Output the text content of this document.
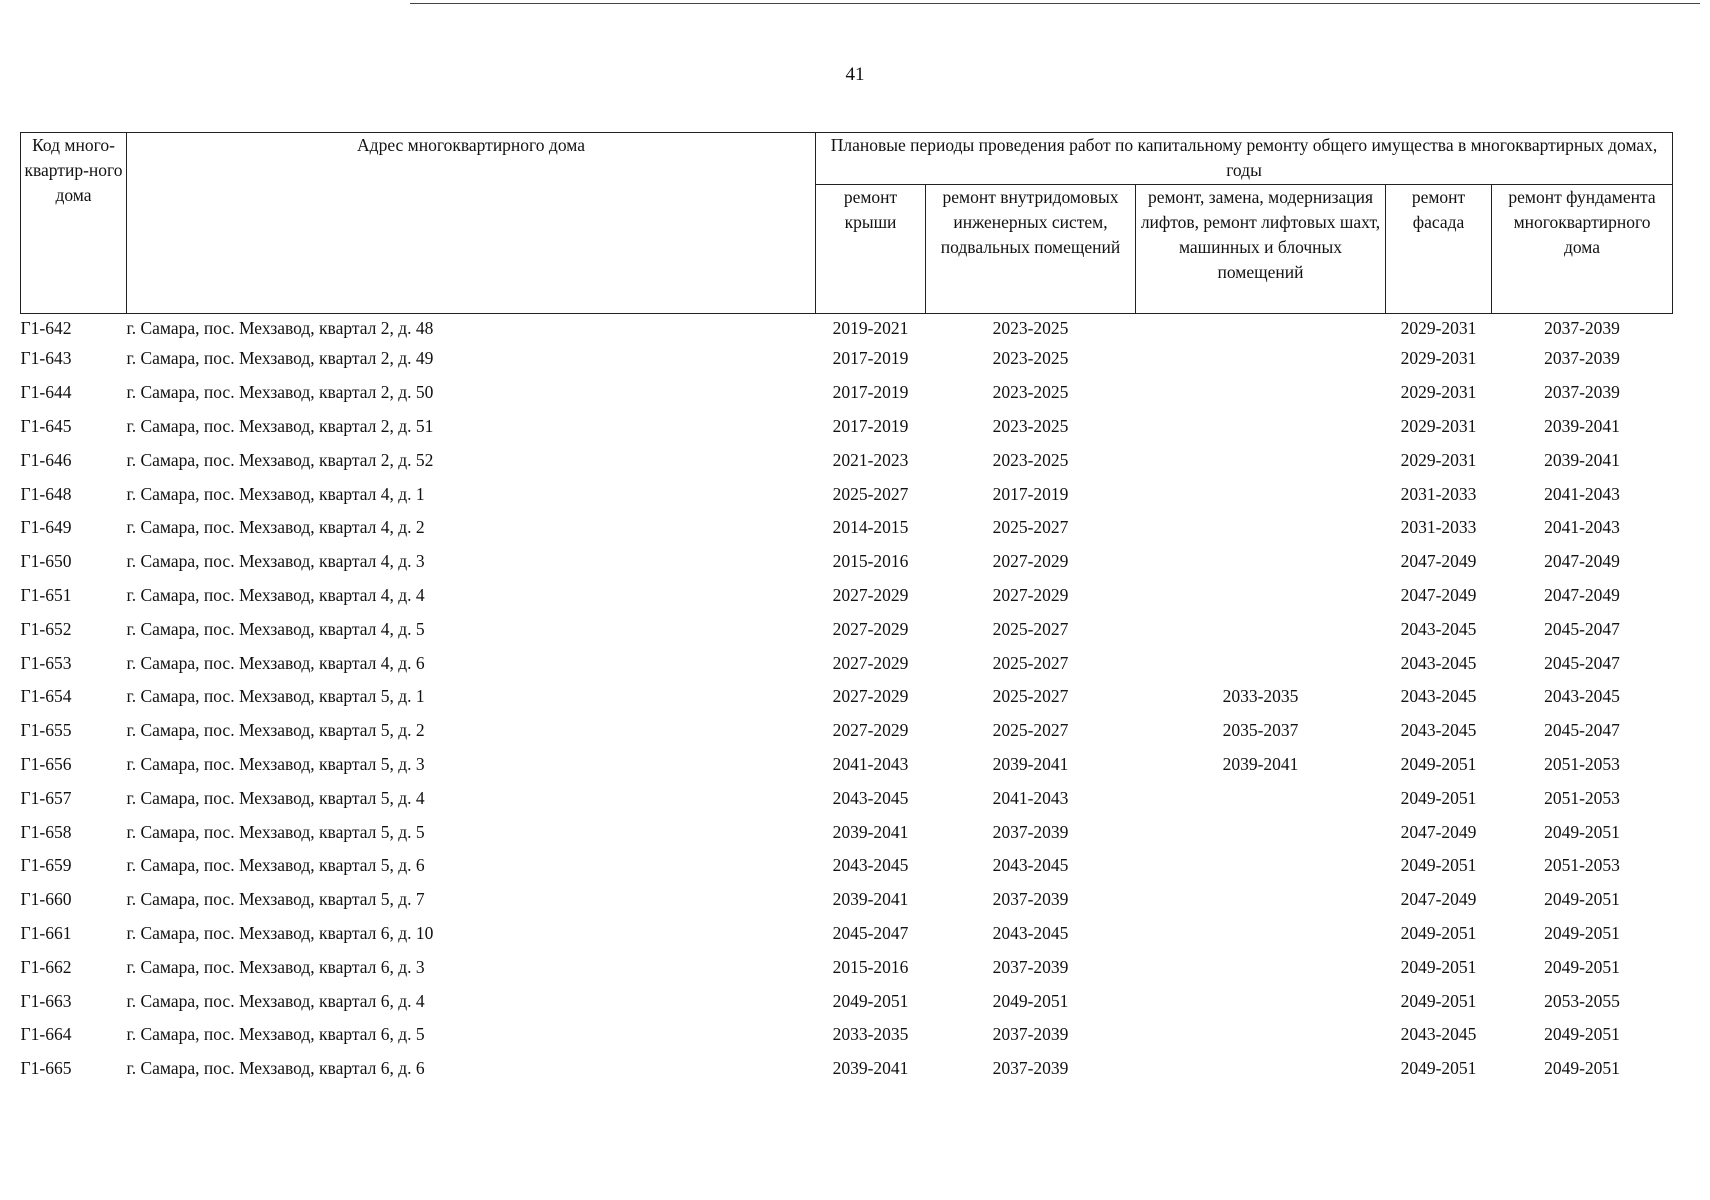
41
Код много-квартир-ного дома	Адрес многоквартирного дома	Плановые периоды проведения работ по капитальному ремонту общего имущества в многоквартирных домах, годы				
		ремонт крыши	ремонт внутридомовых инженерных систем, подвальных помещений	ремонт, замена, модернизация лифтов, ремонт лифтовых шахт, машинных и блочных помещений	ремонт фасада	ремонт фундамента многоквартирного дома
Г1-642	г. Самара, пос. Мехзавод, квартал 2, д. 48	2019-2021	2023-2025		2029-2031	2037-2039
Г1-643	г. Самара, пос. Мехзавод, квартал 2, д. 49	2017-2019	2023-2025		2029-2031	2037-2039
Г1-644	г. Самара, пос. Мехзавод, квартал 2, д. 50	2017-2019	2023-2025		2029-2031	2037-2039
Г1-645	г. Самара, пос. Мехзавод, квартал 2, д. 51	2017-2019	2023-2025		2029-2031	2039-2041
Г1-646	г. Самара, пос. Мехзавод, квартал 2, д. 52	2021-2023	2023-2025		2029-2031	2039-2041
Г1-648	г. Самара, пос. Мехзавод, квартал 4, д. 1	2025-2027	2017-2019		2031-2033	2041-2043
Г1-649	г. Самара, пос. Мехзавод, квартал 4, д. 2	2014-2015	2025-2027		2031-2033	2041-2043
Г1-650	г. Самара, пос. Мехзавод, квартал 4, д. 3	2015-2016	2027-2029		2047-2049	2047-2049
Г1-651	г. Самара, пос. Мехзавод, квартал 4, д. 4	2027-2029	2027-2029		2047-2049	2047-2049
Г1-652	г. Самара, пос. Мехзавод, квартал 4, д. 5	2027-2029	2025-2027		2043-2045	2045-2047
Г1-653	г. Самара, пос. Мехзавод, квартал 4, д. 6	2027-2029	2025-2027		2043-2045	2045-2047
Г1-654	г. Самара, пос. Мехзавод, квартал 5, д. 1	2027-2029	2025-2027	2033-2035	2043-2045	2043-2045
Г1-655	г. Самара, пос. Мехзавод, квартал 5, д. 2	2027-2029	2025-2027	2035-2037	2043-2045	2045-2047
Г1-656	г. Самара, пос. Мехзавод, квартал 5, д. 3	2041-2043	2039-2041	2039-2041	2049-2051	2051-2053
Г1-657	г. Самара, пос. Мехзавод, квартал 5, д. 4	2043-2045	2041-2043		2049-2051	2051-2053
Г1-658	г. Самара, пос. Мехзавод, квартал 5, д. 5	2039-2041	2037-2039		2047-2049	2049-2051
Г1-659	г. Самара, пос. Мехзавод, квартал 5, д. 6	2043-2045	2043-2045		2049-2051	2051-2053
Г1-660	г. Самара, пос. Мехзавод, квартал 5, д. 7	2039-2041	2037-2039		2047-2049	2049-2051
Г1-661	г. Самара, пос. Мехзавод, квартал 6, д. 10	2045-2047	2043-2045		2049-2051	2049-2051
Г1-662	г. Самара, пос. Мехзавод, квартал 6, д. 3	2015-2016	2037-2039		2049-2051	2049-2051
Г1-663	г. Самара, пос. Мехзавод, квартал 6, д. 4	2049-2051	2049-2051		2049-2051	2053-2055
Г1-664	г. Самара, пос. Мехзавод, квартал 6, д. 5	2033-2035	2037-2039		2043-2045	2049-2051
Г1-665	г. Самара, пос. Мехзавод, квартал 6, д. 6	2039-2041	2037-2039		2049-2051	2049-2051
